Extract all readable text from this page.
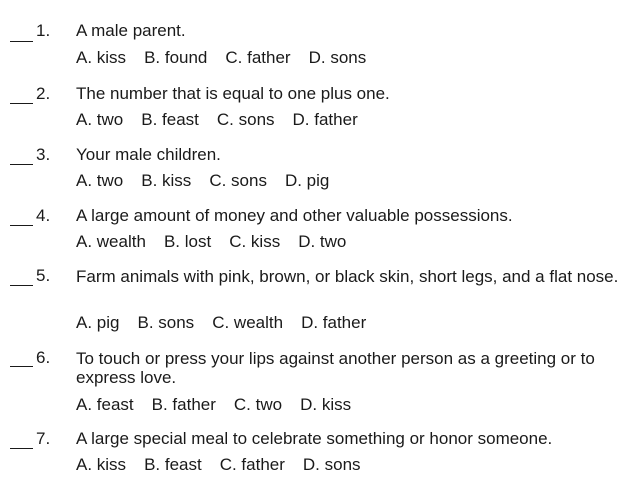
1. A male parent.
A. kiss B. found C. father D. sons
2. The number that is equal to one plus one.
A. two B. feast C. sons D. father
3. Your male children.
A. two B. kiss C. sons D. pig
4. A large amount of money and other valuable possessions.
A. wealth B. lost C. kiss D. two
5. Farm animals with pink, brown, or black skin, short legs, and a flat nose.
A. pig B. sons C. wealth D. father
6. To touch or press your lips against another person as a greeting or to express love.
A. feast B. father C. two D. kiss
7. A large special meal to celebrate something or honor someone.
A. kiss B. feast C. father D. sons
